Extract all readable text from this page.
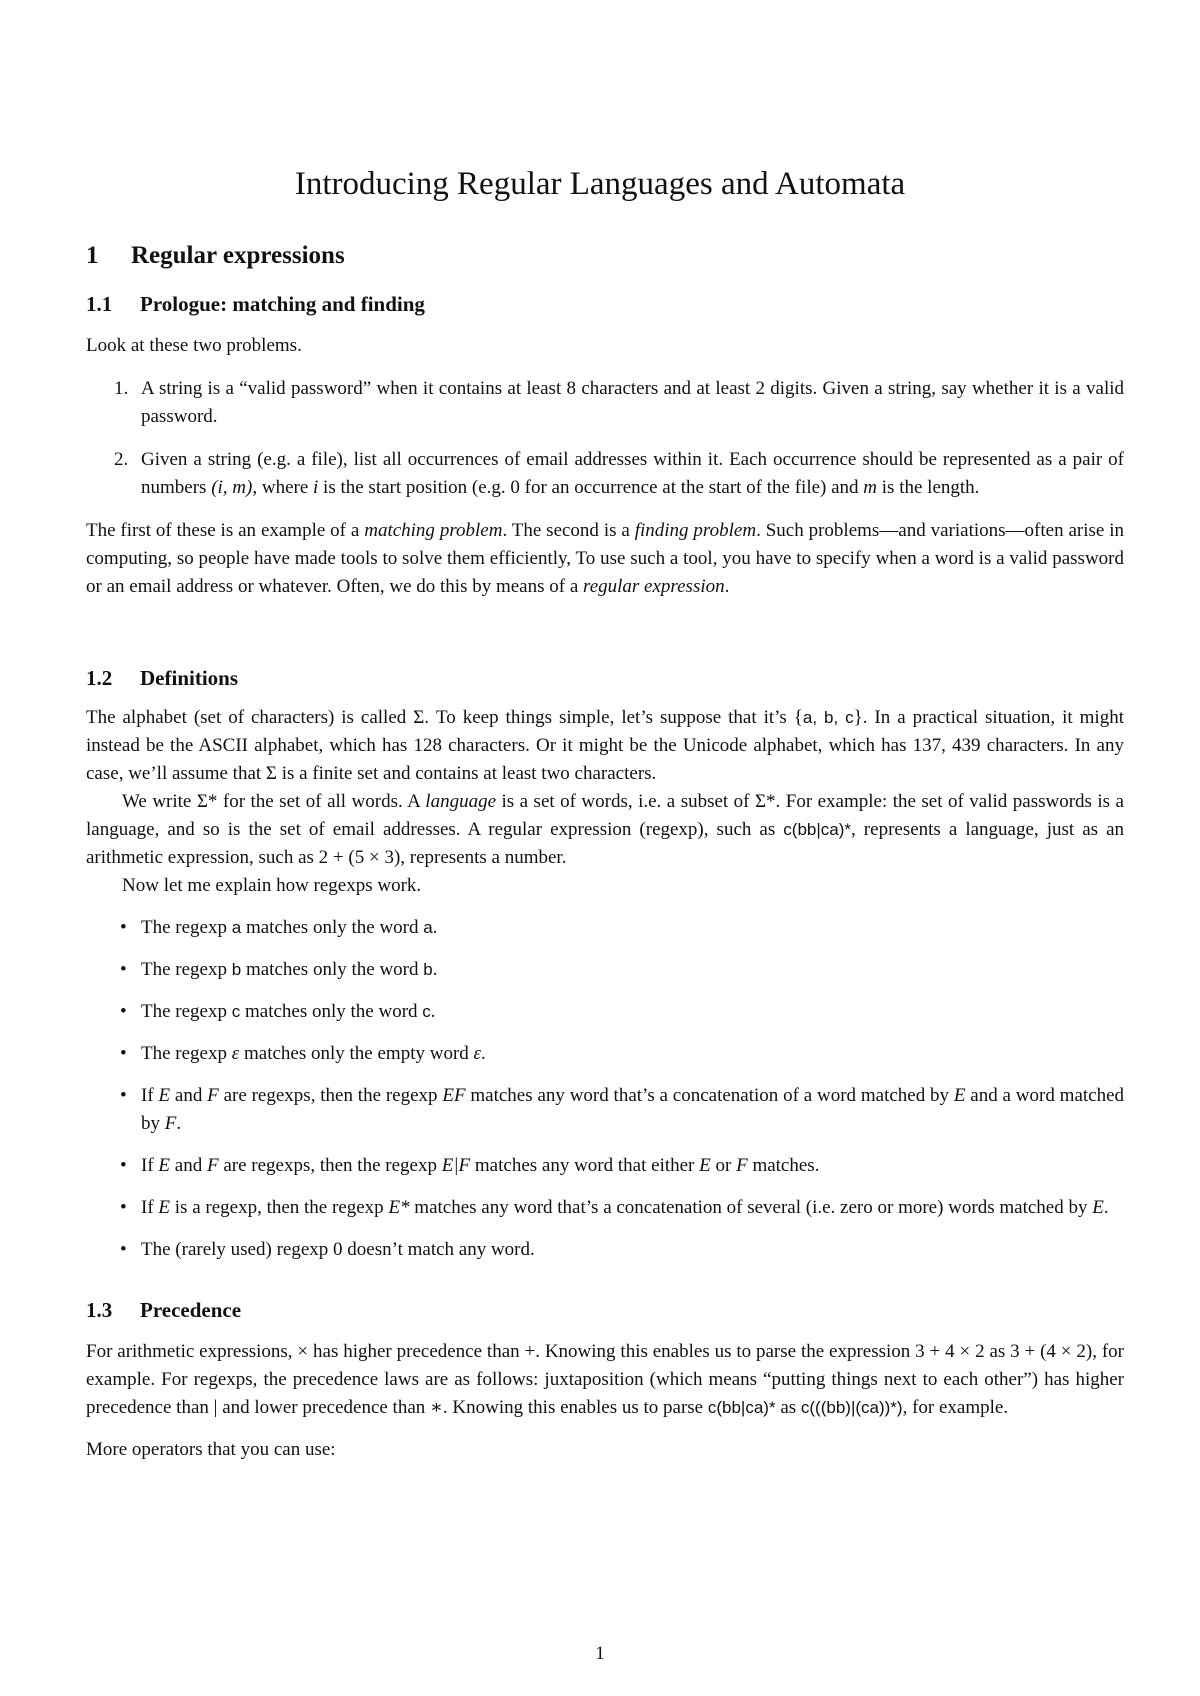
Introducing Regular Languages and Automata
1 Regular expressions
1.1 Prologue: matching and finding

Look at these two problems.

1. A string is a “valid password” when it contains at least 8 characters and at least 2 digits. Given a string, say whether it is a valid password.
2. Given a string (e.g. a file), list all occurrences of email addresses within it. Each occurrence should be represented as a pair of numbers (i, m), where i is the start position (e.g. 0 for an occurrence at the start of the file) and m is the length.

The first of these is an example of a matching problem. The second is a finding problem. Such problems—and variations—often arise in computing, so people have made tools to solve them efficiently, To use such a tool, you have to specify when a word is a valid password or an email address or whatever. Often, we do this by means of a regular expression.

1.2 Definitions

The alphabet (set of characters) is called Σ. To keep things simple, let’s suppose that it’s {a, b, c}. In a practical situation, it might instead be the ASCII alphabet, which has 128 characters. Or it might be the Unicode alphabet, which has 137, 439 characters. In any case, we’ll assume that Σ is a finite set and contains at least two characters.

We write Σ* for the set of all words. A language is a set of words, i.e. a subset of Σ*. For example: the set of valid passwords is a language, and so is the set of email addresses. A regular expression (regexp), such as c(bb|ca)*, represents a language, just as an arithmetic expression, such as 2 + (5 × 3), represents a number.

Now let me explain how regexps work.

• The regexp a matches only the word a.
• The regexp b matches only the word b.
• The regexp c matches only the word c.
• The regexp ε matches only the empty word ε.
• If E and F are regexps, then the regexp EF matches any word that’s a concatenation of a word matched by E and a word matched by F.
• If E and F are regexps, then the regexp E|F matches any word that either E or F matches.
• If E is a regexp, then the regexp E* matches any word that’s a concatenation of several (i.e. zero or more) words matched by E.
• The (rarely used) regexp 0 doesn’t match any word.
1.3 Precedence

For arithmetic expressions, × has higher precedence than +. Knowing this enables us to parse the expression 3 + 4 × 2 as 3 + (4 × 2), for example. For regexps, the precedence laws are as follows: juxtaposition (which means “putting things next to each other”) has higher precedence than | and lower precedence than ∗. Knowing this enables us to parse c(bb|ca)* as c(((bb)|(ca))*), for example.

More operators that you can use:

1
